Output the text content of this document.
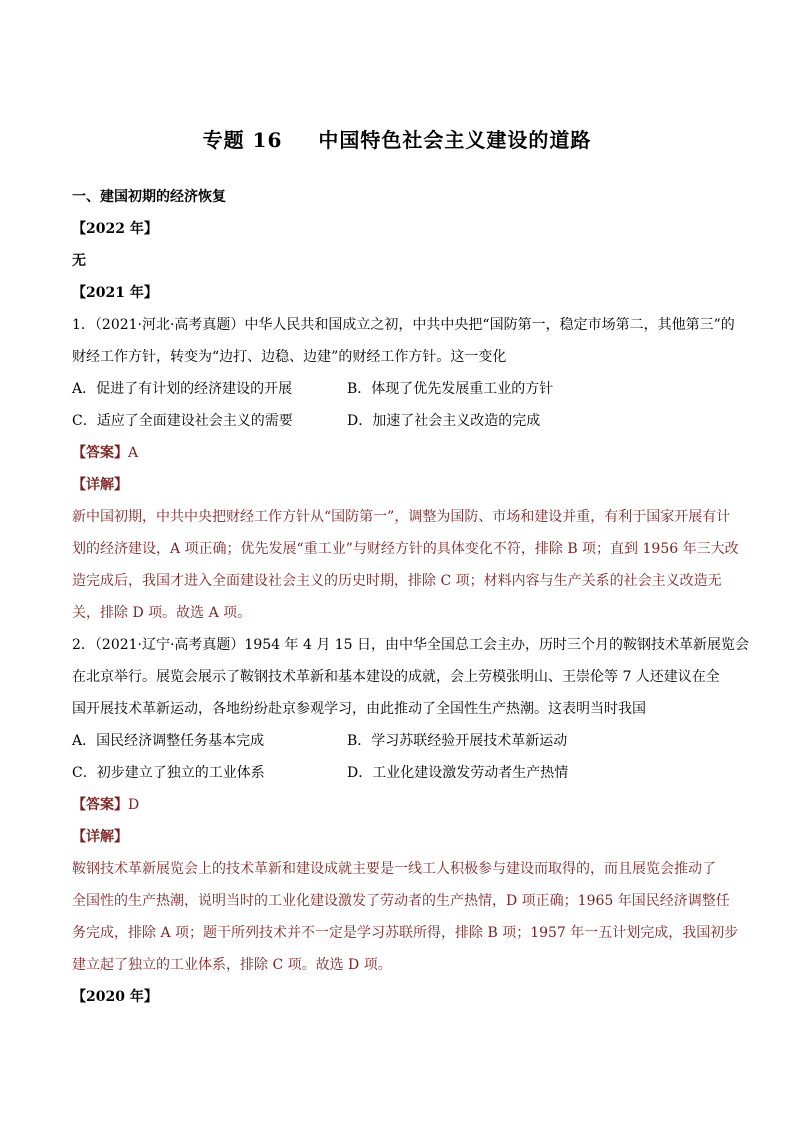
专题 16 中国特色社会主义建设的道路
一、建国初期的经济恢复
【2022 年】
无
【2021 年】
1．（2021·河北·高考真题）中华人民共和国成立之初，中共中央把“国防第一，稳定市场第二，其他第三”的
财经工作方针，转变为“边打、边稳、边建”的财经工作方针。这一变化
A．促进了有计划的经济建设的开展	B．体现了优先发展重工业的方针
C．适应了全面建设社会主义的需要	D．加速了社会主义改造的完成
【答案】A
【详解】
新中国初期，中共中央把财经工作方针从“国防第一”，调整为国防、市场和建设并重，有利于国家开展有计
划的经济建设，A 项正确；优先发展“重工业”与财经方针的具体变化不符，排除 B 项；直到 1956 年三大改
造完成后，我国才进入全面建设社会主义的历史时期，排除 C 项；材料内容与生产关系的社会主义改造无
关，排除 D 项。故选 A 项。
2．（2021·辽宁·高考真题）1954 年 4 月 15 日，由中华全国总工会主办，历时三个月的鞍钢技术革新展览会
在北京举行。展览会展示了鞍钢技术革新和基本建设的成就，会上劳模张明山、王崇伦等 7 人还建议在全
国开展技术革新运动，各地纷纷赴京参观学习，由此推动了全国性生产热潮。这表明当时我国
A．国民经济调整任务基本完成	B．学习苏联经验开展技术革新运动
C．初步建立了独立的工业体系	D．工业化建设激发劳动者生产热情
【答案】D
【详解】
鞍钢技术革新展览会上的技术革新和建设成就主要是一线工人积极参与建设而取得的，而且展览会推动了
全国性的生产热潮，说明当时的工业化建设激发了劳动者的生产热情，D 项正确；1965 年国民经济调整任
务完成，排除 A 项；题干所列技术并不一定是学习苏联所得，排除 B 项；1957 年一五计划完成，我国初步
建立起了独立的工业体系，排除 C 项。故选 D 项。
【2020 年】
